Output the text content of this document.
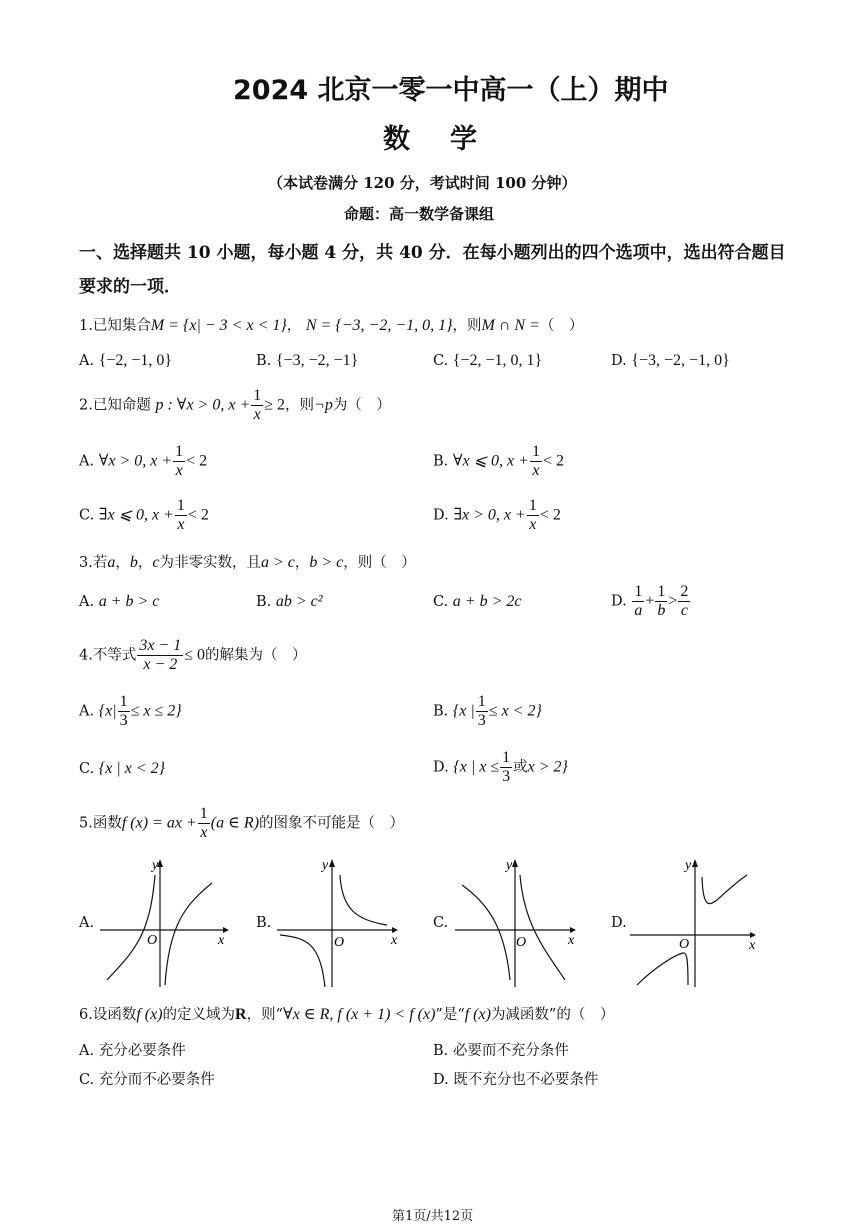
2024 北京一零一中高一（上）期中
数学
（本试卷满分 120 分，考试时间 100 分钟）
命题：高一数学备课组
一、选择题共 10 小题，每小题 4 分，共 40 分．在每小题列出的四个选项中，选出符合题目
要求的一项．
1.已知集合M = {x| − 3 < x < 1}， N = {−3, −2, −1, 0, 1}，则M ∩ N =（　）
A. {−2, −1, 0}	B. {−3, −2, −1}	C. {−2, −1, 0, 1}	D. {−3, −2, −1, 0}
2.已知命题 p : ∀x > 0, $x + \frac{1}{x} \ge 2$，则¬p为（　）
A. ∀x > 0, $x + \frac{1}{x} < 2$	B. ∀x ⩽ 0, $x + \frac{1}{x} < 2$
C. ∃x ⩽ 0, $x + \frac{1}{x} < 2$	D. ∃x > 0, $x + \frac{1}{x} < 2$
3.若a，b，c为非零实数，且a > c，b > c，则（　）
A. a + b > c	B. ab > c²	C. a + b > 2c	D. $\frac{1}{a} + \frac{1}{b} > \frac{2}{c}$
4.不等式 $\frac{3x - 1}{x - 2} \le 0$的解集为（　）
A. $\{x| \frac{1}{3} \le x \le 2\}$	B. {x | $\frac{1}{3} \le x < 2$}
C. {x | x < 2}	D. {x | $x \le \frac{1}{3}$ 或x > 2}
5.函数f (x) = ax + $\frac{1}{x} (a$ ∈ R)的图象不可能是（　）
A.
y
x
O
B.
y
x
O
C.
y
x
O
D.
y
x
O
6.设函数f (x)的定义域为R，则“∀x ∈ R, f (x + 1) < f (x)”是“f (x)为减函数”的（　）
A. 充分必要条件	B. 必要而不充分条件
C. 充分而不必要条件	D. 既不充分也不必要条件
第1页/共12页
